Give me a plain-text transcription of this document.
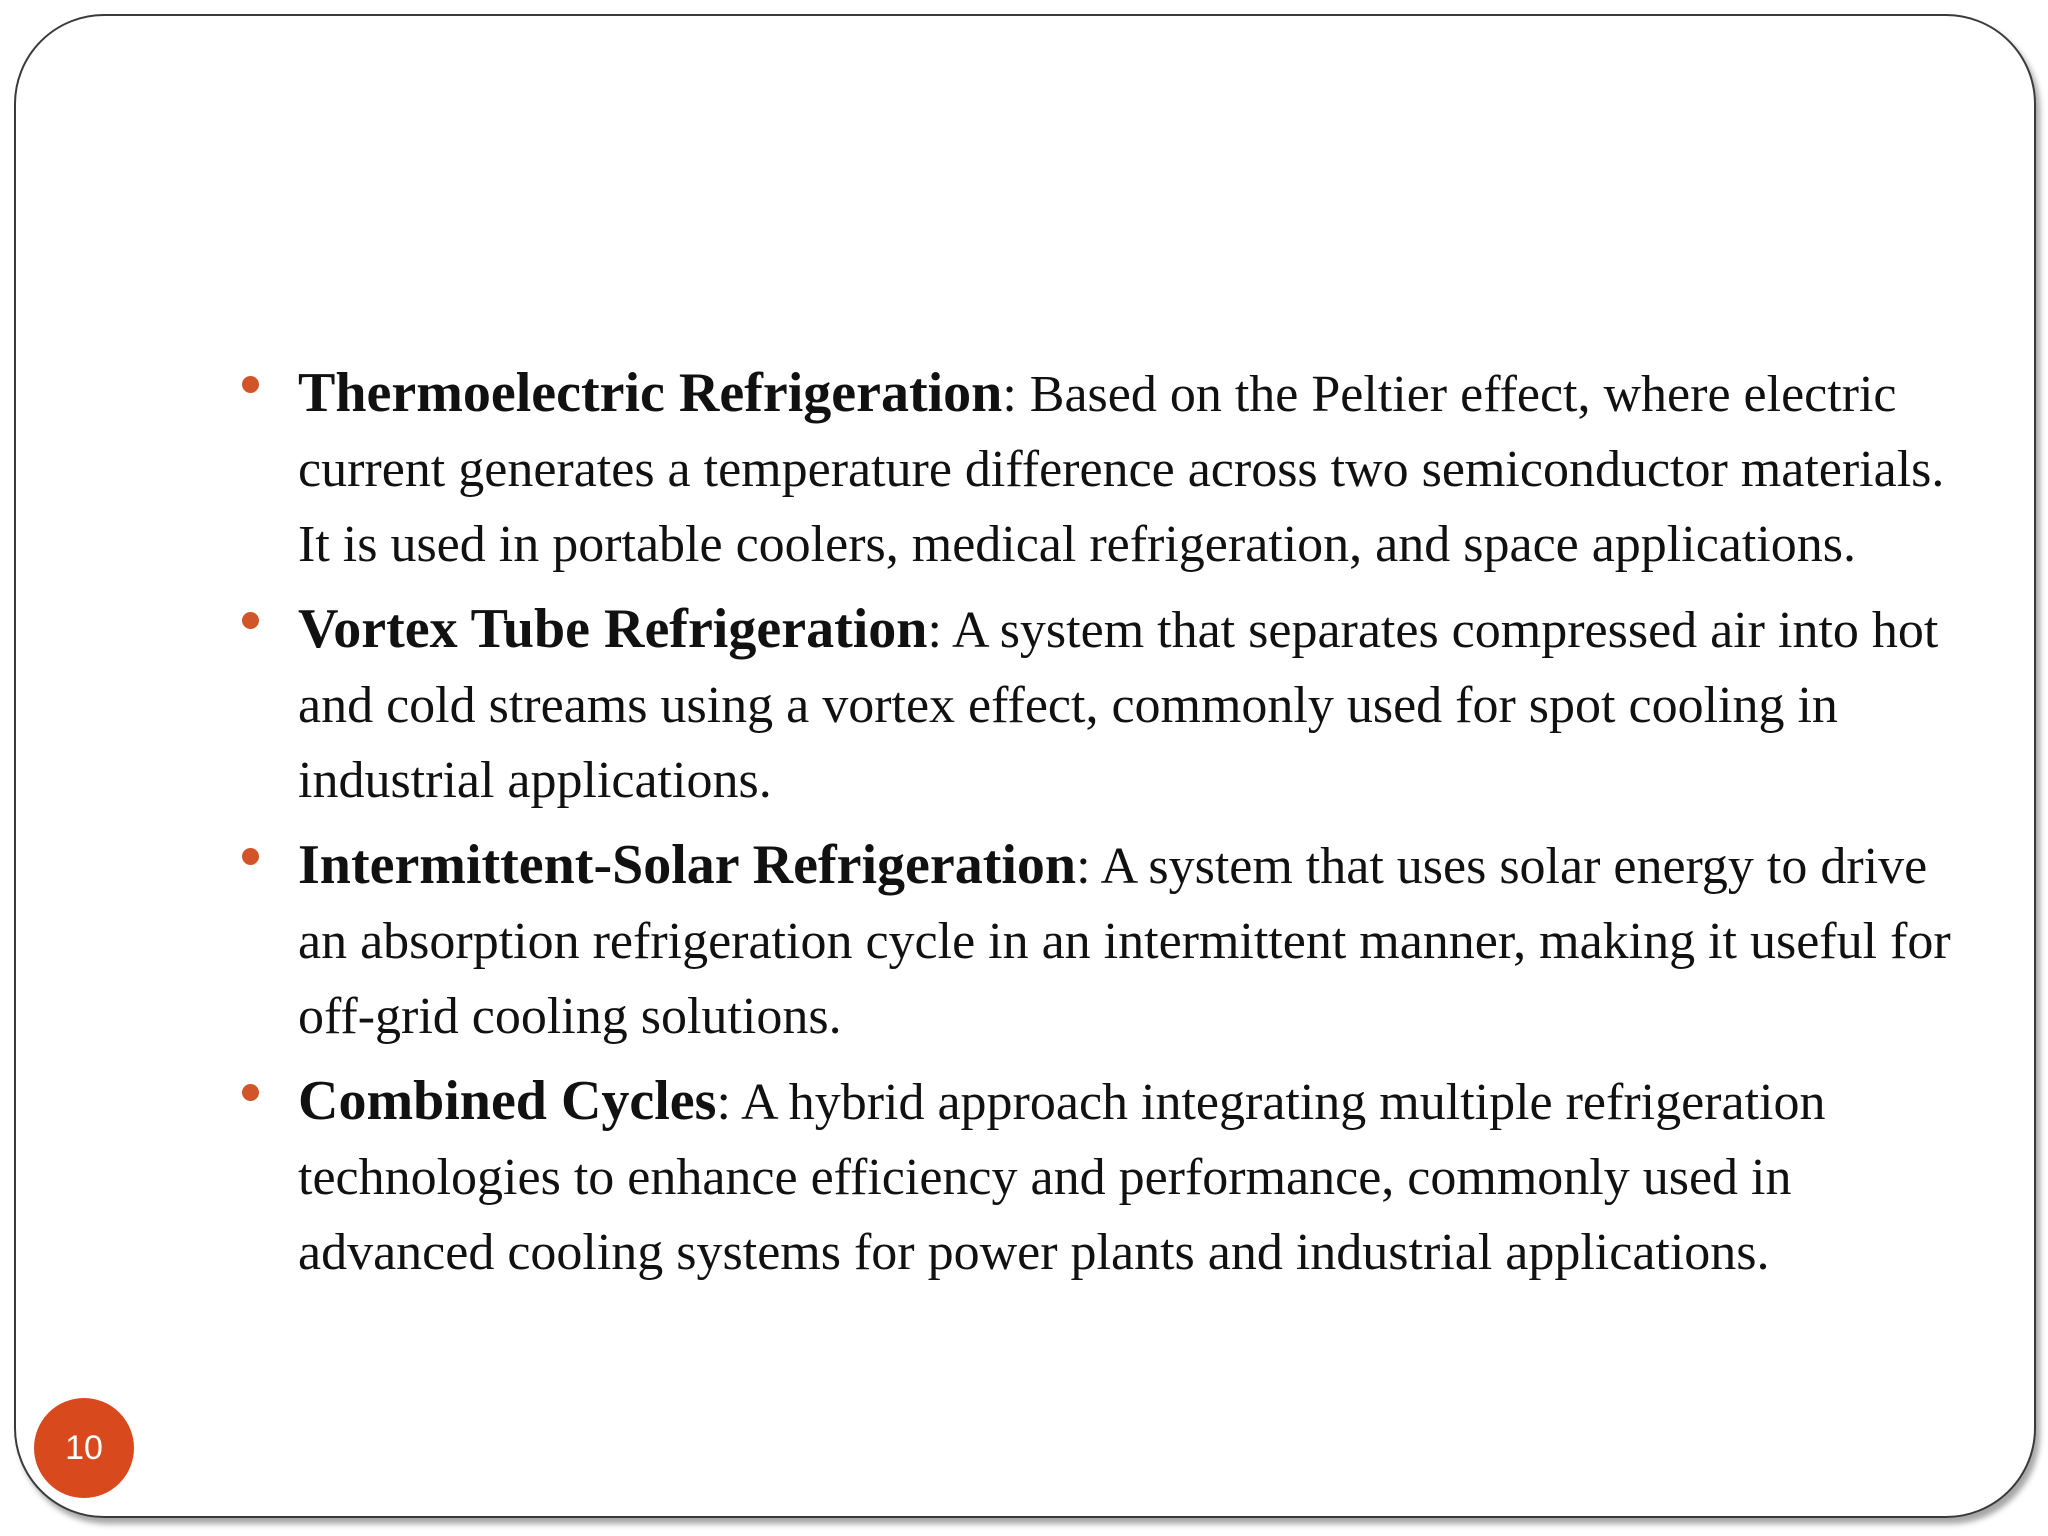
Thermoelectric Refrigeration: Based on the Peltier effect, where electric current generates a temperature difference across two semiconductor materials. It is used in portable coolers, medical refrigeration, and space applications.
Vortex Tube Refrigeration: A system that separates compressed air into hot and cold streams using a vortex effect, commonly used for spot cooling in industrial applications.
Intermittent-Solar Refrigeration: A system that uses solar energy to drive an absorption refrigeration cycle in an intermittent manner, making it useful for off-grid cooling solutions.
Combined Cycles: A hybrid approach integrating multiple refrigeration technologies to enhance efficiency and performance, commonly used in advanced cooling systems for power plants and industrial applications.
10
